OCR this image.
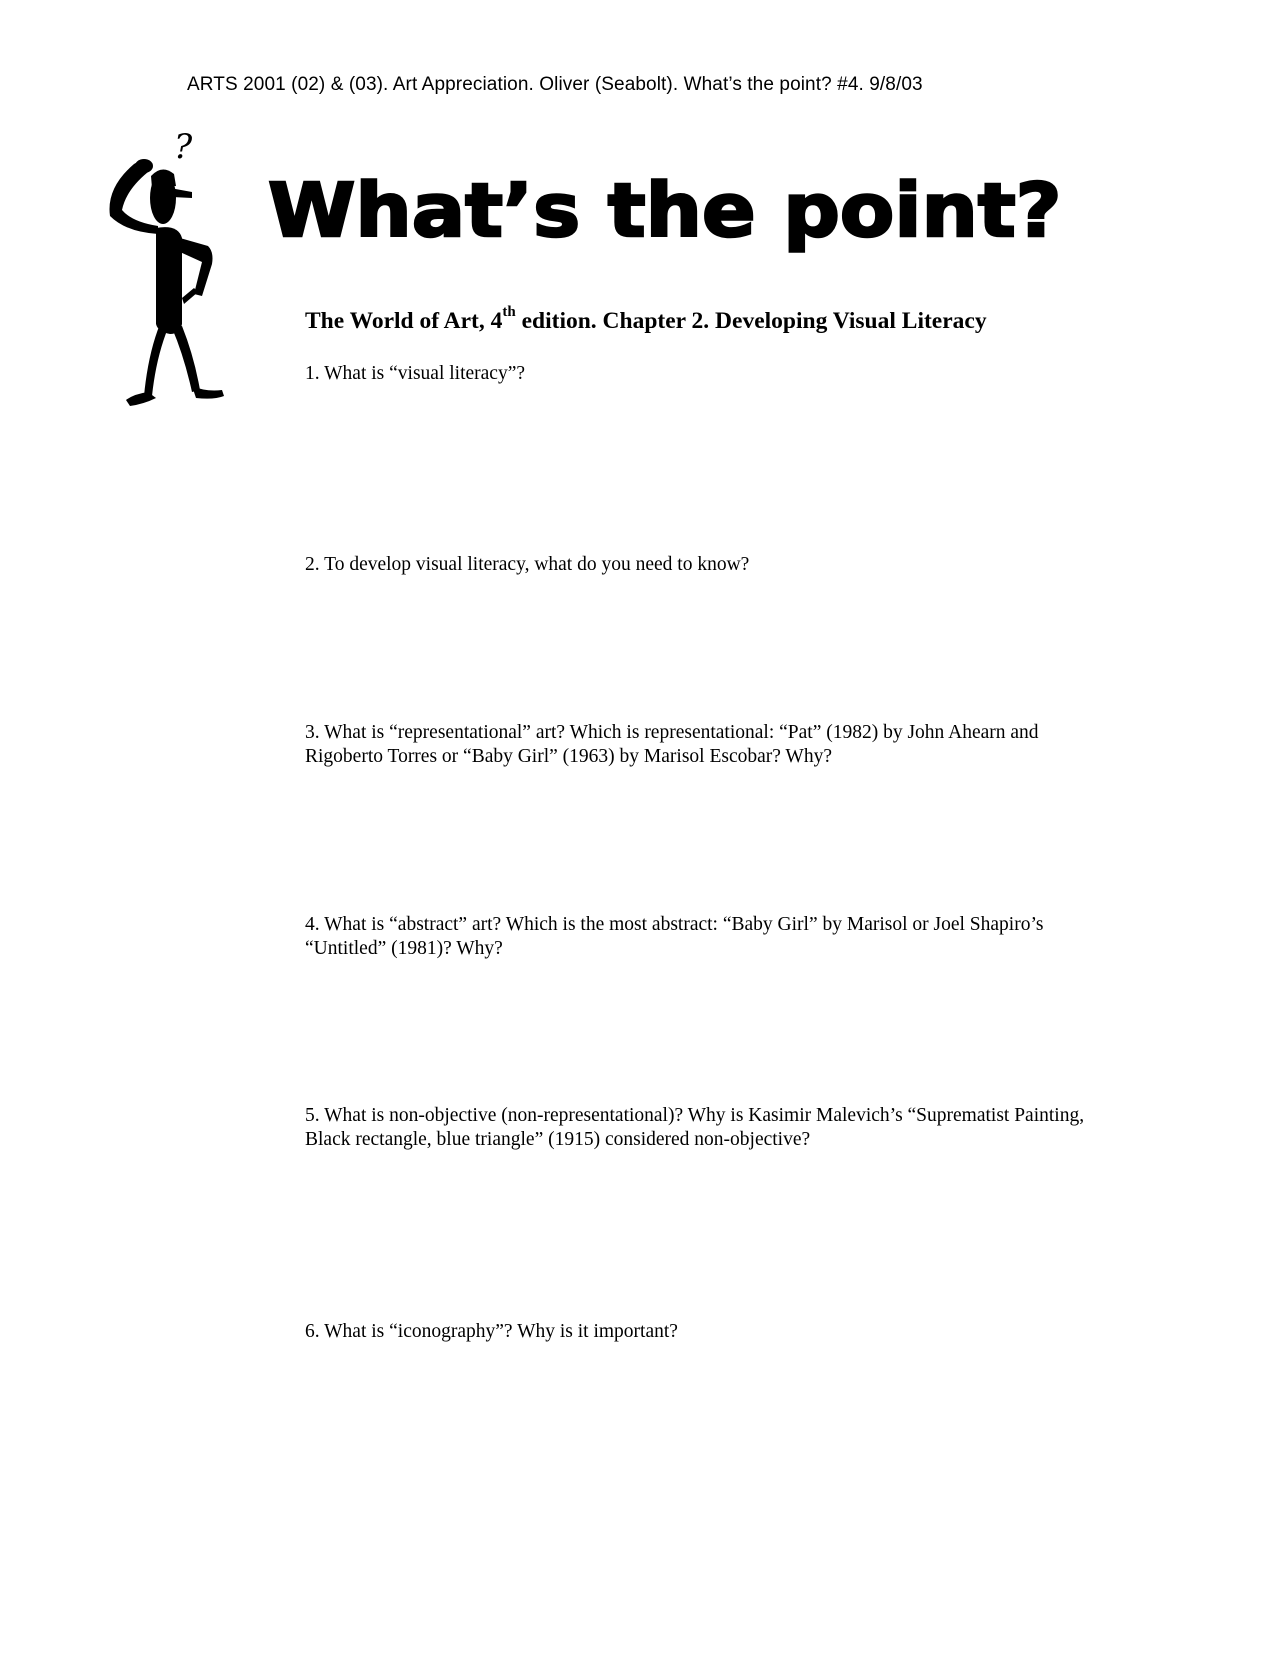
ARTS 2001 (02) & (03). Art Appreciation. Oliver (Seabolt). What’s the point? #4. 9/8/03
?
What’s the point?
The World of Art, 4th edition. Chapter 2. Developing Visual Literacy

1. What is “visual literacy”?

2. To develop visual literacy, what do you need to know?

3. What is “representational” art? Which is representational: “Pat” (1982) by John Ahearn and Rigoberto Torres or “Baby Girl” (1963) by Marisol Escobar? Why?

4. What is “abstract” art? Which is the most abstract: “Baby Girl” by Marisol or Joel Shapiro’s “Untitled” (1981)? Why?

5. What is non-objective (non-representational)? Why is Kasimir Malevich’s “Suprematist Painting, Black rectangle, blue triangle” (1915) considered non-objective?

6. What is “iconography”? Why is it important?
